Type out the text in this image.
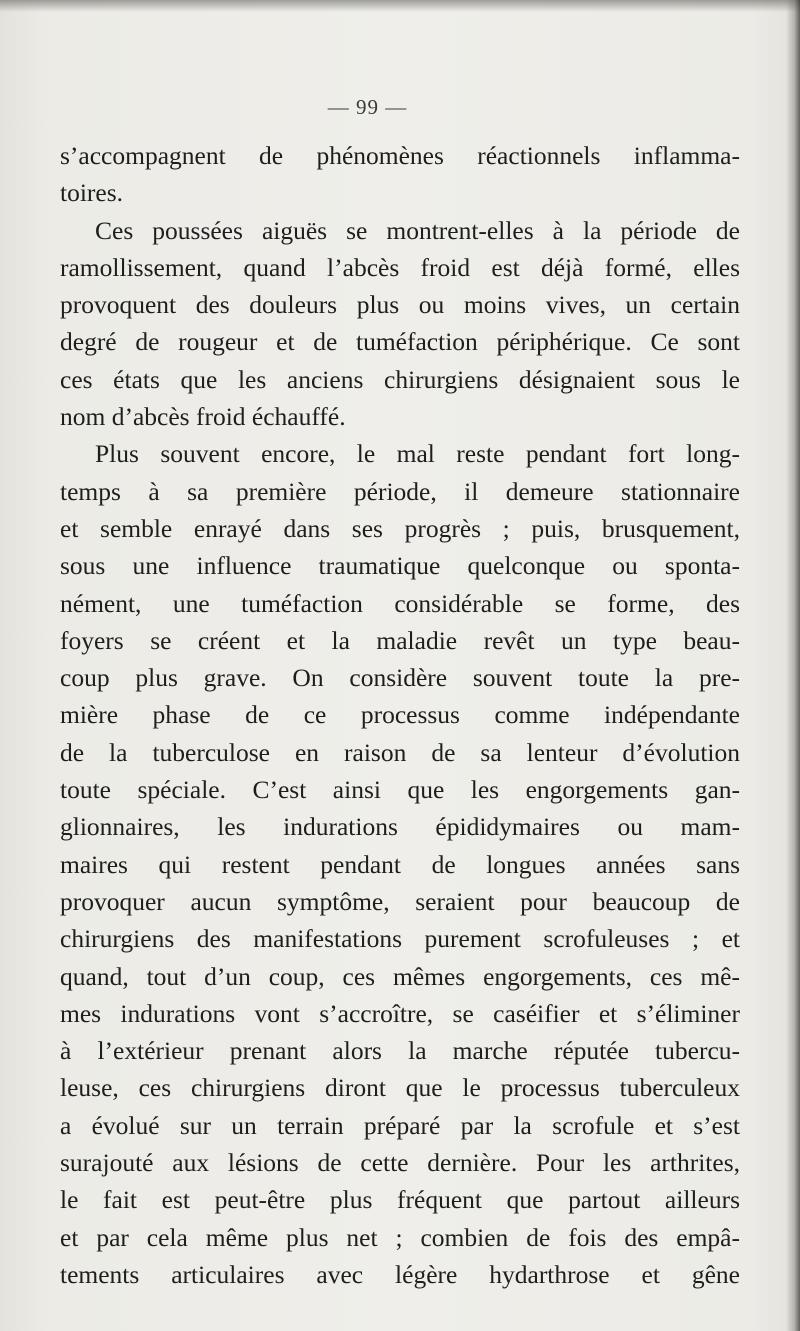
— 99 —
s’accompagnent de phénomènes réactionnels inflamma-
toires.
Ces poussées aiguës se montrent-elles à la période de
ramollissement, quand l’abcès froid est déjà formé, elles
provoquent des douleurs plus ou moins vives, un certain
degré de rougeur et de tuméfaction périphérique. Ce sont
ces états que les anciens chirurgiens désignaient sous le
nom d’abcès froid échauffé.
Plus souvent encore, le mal reste pendant fort long-
temps à sa première période, il demeure stationnaire
et semble enrayé dans ses progrès ; puis, brusquement,
sous une influence traumatique quelconque ou sponta-
nément, une tuméfaction considérable se forme, des
foyers se créent et la maladie revêt un type beau-
coup plus grave. On considère souvent toute la pre-
mière phase de ce processus comme indépendante
de la tuberculose en raison de sa lenteur d’évolution
toute spéciale. C’est ainsi que les engorgements gan-
glionnaires, les indurations épididymaires ou mam-
maires qui restent pendant de longues années sans
provoquer aucun symptôme, seraient pour beaucoup de
chirurgiens des manifestations purement scrofuleuses ; et
quand, tout d’un coup, ces mêmes engorgements, ces mê-
mes indurations vont s’accroître, se caséifier et s’éliminer
à l’extérieur prenant alors la marche réputée tubercu-
leuse, ces chirurgiens diront que le processus tuberculeux
a évolué sur un terrain préparé par la scrofule et s’est
surajouté aux lésions de cette dernière. Pour les arthrites,
le fait est peut-être plus fréquent que partout ailleurs
et par cela même plus net ; combien de fois des empâ-
tements articulaires avec légère hydarthrose et gêne
